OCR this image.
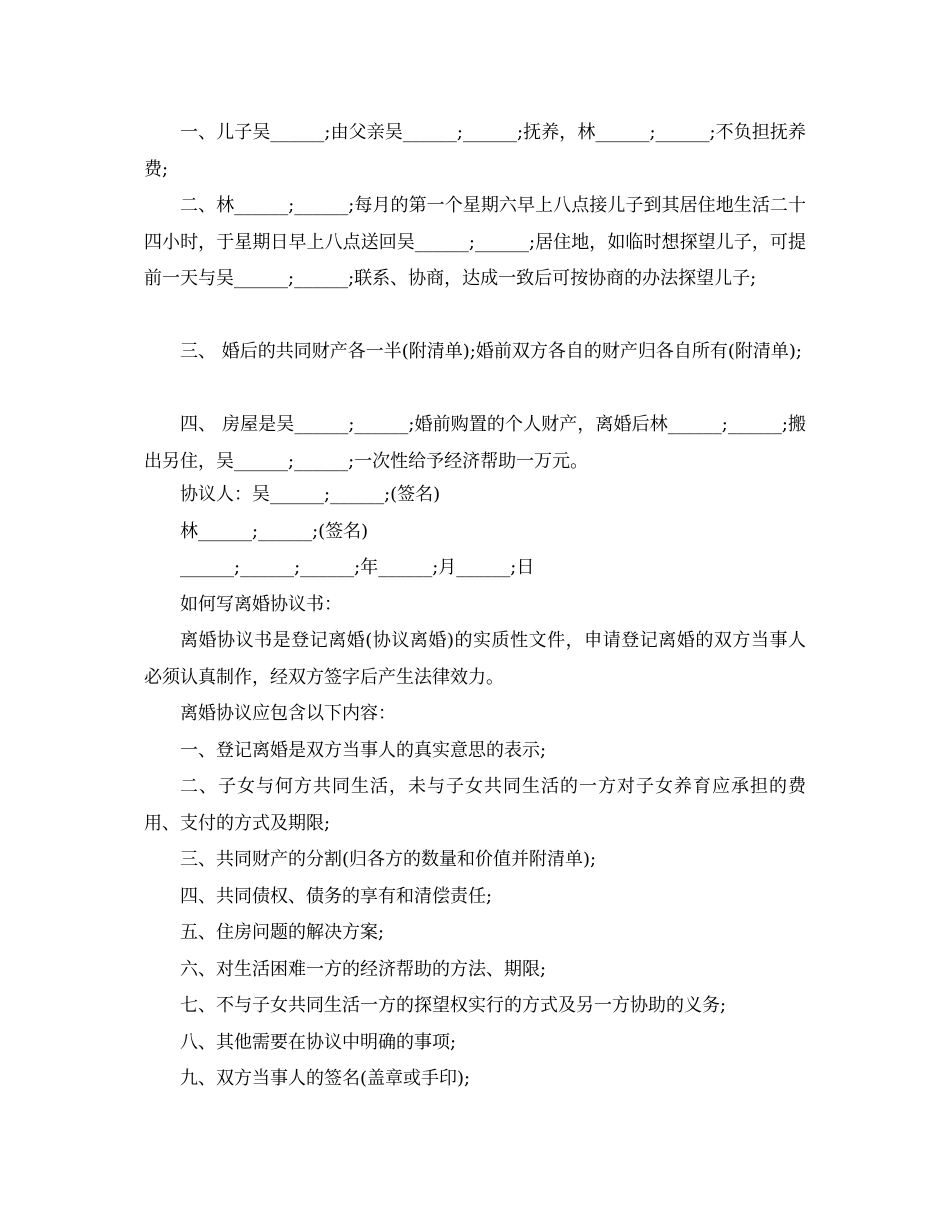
一、儿子吴______;由父亲吴______;______;抚养，林______;______;不负担抚养费;

二、林______;______;每月的第一个星期六早上八点接儿子到其居住地生活二十四小时，于星期日早上八点送回吴______;______;居住地，如临时想探望儿子，可提前一天与吴______;______;联系、协商，达成一致后可按协商的办法探望儿子;

三、 婚后的共同财产各一半(附清单);婚前双方各自的财产归各自所有(附清单);

四、 房屋是吴______;______;婚前购置的个人财产，离婚后林______;______;搬出另住，吴______;______;一次性给予经济帮助一万元。

协议人：吴______;______;(签名)

林______;______;(签名)

______;______;______;年______;月______;日

如何写离婚协议书：

离婚协议书是登记离婚(协议离婚)的实质性文件，申请登记离婚的双方当事人必须认真制作，经双方签字后产生法律效力。

离婚协议应包含以下内容：

一、登记离婚是双方当事人的真实意思的表示;

二、子女与何方共同生活，未与子女共同生活的一方对子女养育应承担的费用、支付的方式及期限;

三、共同财产的分割(归各方的数量和价值并附清单);

四、共同债权、债务的享有和清偿责任;

五、住房问题的解决方案;

六、对生活困难一方的经济帮助的方法、期限;

七、不与子女共同生活一方的探望权实行的方式及另一方协助的义务;

八、其他需要在协议中明确的事项;

九、双方当事人的签名(盖章或手印);
